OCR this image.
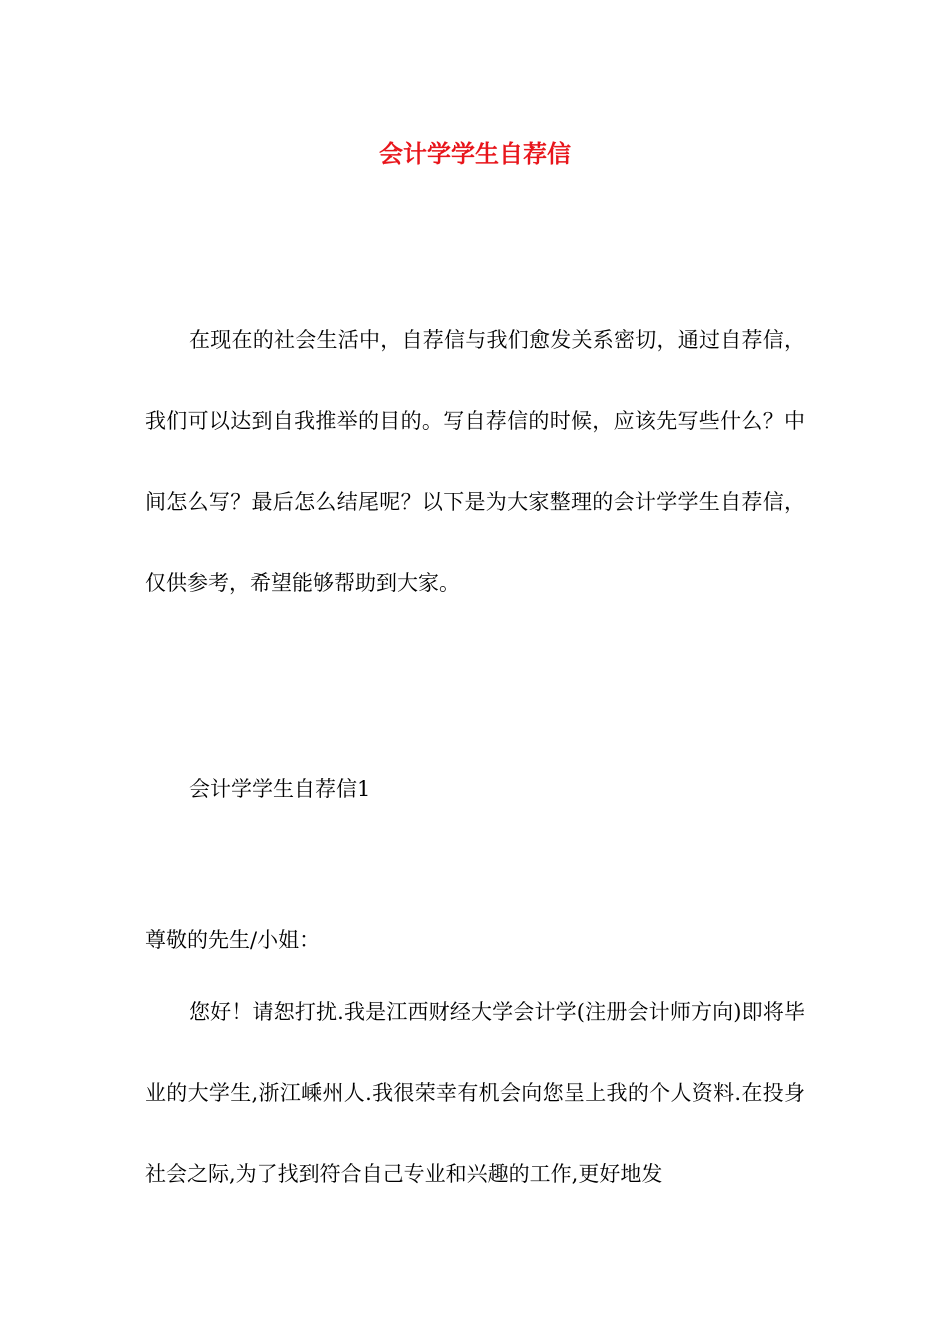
会计学学生自荐信

在现在的社会生活中，自荐信与我们愈发关系密切，通过自荐信，我们可以达到自我推举的目的。写自荐信的时候，应该先写些什么？中间怎么写？最后怎么结尾呢？以下是为大家整理的会计学学生自荐信，仅供参考，希望能够帮助到大家。

会计学学生自荐信1

尊敬的先生/小姐：

您好！请恕打扰.我是江西财经大学会计学(注册会计师方向)即将毕业的大学生,浙江嵊州人.我很荣幸有机会向您呈上我的个人资料.在投身社会之际,为了找到符合自己专业和兴趣的工作,更好地发
